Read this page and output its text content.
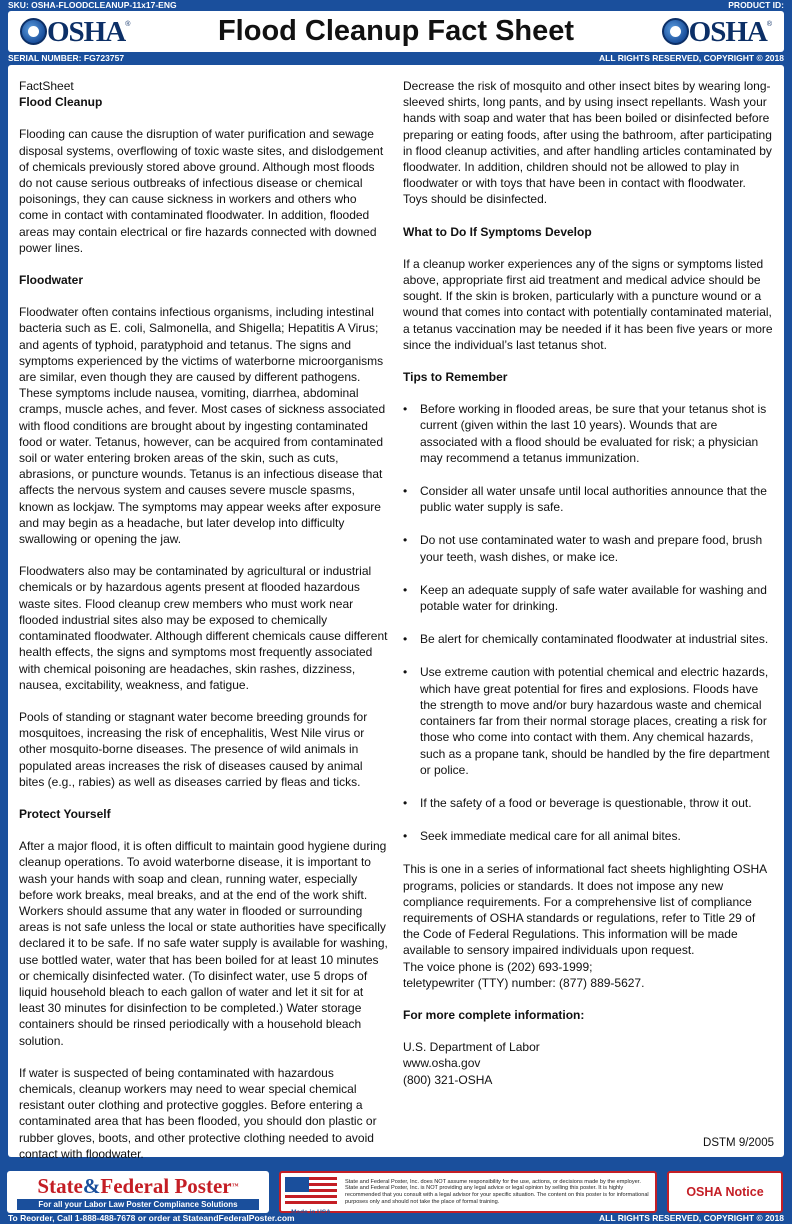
SKU: OSHA-FLOODCLEANUP-11x17-ENG	PRODUCT ID:
OSHA ®	Flood Cleanup Fact Sheet	OSHA ®
SERIAL NUMBER: FG723757	ALL RIGHTS RESERVED, COPYRIGHT © 2018
FactSheet
Flood Cleanup

Flooding can cause the disruption of water purification and sewage disposal systems, overflowing of toxic waste sites, and dislodgement of chemicals previously stored above ground. Although most floods do not cause serious outbreaks of infectious disease or chemical poisonings, they can cause sickness in workers and others who come in contact with contaminated floodwater. In addition, flooded areas may contain electrical or fire hazards connected with downed power lines.

Floodwater

Floodwater often contains infectious organisms, including intestinal bacteria such as E. coli, Salmonella, and Shigella; Hepatitis A Virus; and agents of typhoid, paratyphoid and tetanus. The signs and symptoms experienced by the victims of waterborne microorganisms are similar, even though they are caused by different pathogens. These symptoms include nausea, vomiting, diarrhea, abdominal cramps, muscle aches, and fever. Most cases of sickness associated with flood conditions are brought about by ingesting contaminated food or water. Tetanus, however, can be acquired from contaminated soil or water entering broken areas of the skin, such as cuts, abrasions, or puncture wounds. Tetanus is an infectious disease that affects the nervous system and causes severe muscle spasms, known as lockjaw. The symptoms may appear weeks after exposure and may begin as a headache, but later develop into difficulty swallowing or opening the jaw.

Floodwaters also may be contaminated by agricultural or industrial chemicals or by hazardous agents present at flooded hazardous waste sites. Flood cleanup crew members who must work near flooded industrial sites also may be exposed to chemically contaminated floodwater. Although different chemicals cause different health effects, the signs and symptoms most frequently associated with chemical poisoning are headaches, skin rashes, dizziness, nausea, excitability, weakness, and fatigue.

Pools of standing or stagnant water become breeding grounds for mosquitoes, increasing the risk of encephalitis, West Nile virus or other mosquito-borne diseases. The presence of wild animals in populated areas increases the risk of diseases caused by animal bites (e.g., rabies) as well as diseases carried by fleas and ticks.

Protect Yourself

After a major flood, it is often difficult to maintain good hygiene during cleanup operations. To avoid waterborne disease, it is important to wash your hands with soap and clean, running water, especially before work breaks, meal breaks, and at the end of the work shift. Workers should assume that any water in flooded or surrounding areas is not safe unless the local or state authorities have specifically declared it to be safe. If no safe water supply is available for washing, use bottled water, water that has been boiled for at least 10 minutes or chemically disinfected water. (To disinfect water, use 5 drops of liquid household bleach to each gallon of water and let it sit for at least 30 minutes for disinfection to be completed.) Water storage containers should be rinsed periodically with a household bleach solution.

If water is suspected of being contaminated with hazardous chemicals, cleanup workers may need to wear special chemical resistant outer clothing and protective goggles. Before entering a contaminated area that has been flooded, you should don plastic or rubber gloves, boots, and other protective clothing needed to avoid contact with floodwater.

Decrease the risk of mosquito and other insect bites by wearing long-sleeved shirts, long pants, and by using insect repellants. Wash your hands with soap and water that has been boiled or disinfected before preparing or eating foods, after using the bathroom, after participating in flood cleanup activities, and after handling articles contaminated by floodwater. In addition, children should not be allowed to play in floodwater or with toys that have been in contact with floodwater. Toys should be disinfected.

What to Do If Symptoms Develop

If a cleanup worker experiences any of the signs or symptoms listed above, appropriate first aid treatment and medical advice should be sought. If the skin is broken, particularly with a puncture wound or a wound that comes into contact with potentially contaminated material, a tetanus vaccination may be needed if it has been five years or more since the individual’s last tetanus shot.

Tips to Remember
• Before working in flooded areas, be sure that your tetanus shot is current (given within the last 10 years). Wounds that are associated with a flood should be evaluated for risk; a physician may recommend a tetanus immunization.
• Consider all water unsafe until local authorities announce that the public water supply is safe.
• Do not use contaminated water to wash and prepare food, brush your teeth, wash dishes, or make ice.
• Keep an adequate supply of safe water available for washing and potable water for drinking.
• Be alert for chemically contaminated floodwater at industrial sites.
• Use extreme caution with potential chemical and electric hazards, which have great potential for fires and explosions. Floods have the strength to move and/or bury hazardous waste and chemical containers far from their normal storage places, creating a risk for those who come into contact with them. Any chemical hazards, such as a propane tank, should be handled by the fire department or police.
• If the safety of a food or beverage is questionable, throw it out.
• Seek immediate medical care for all animal bites.
This is one in a series of informational fact sheets highlighting OSHA programs, policies or standards. It does not impose any new compliance requirements. For a comprehensive list of compliance requirements of OSHA standards or regulations, refer to Title 29 of the Code of Federal Regulations. This information will be made available to sensory impaired individuals upon request.
The voice phone is (202) 693-1999;
teletypewriter (TTY) number: (877) 889-5627.
For more complete information:
U.S. Department of Labor
www.osha.gov
(800) 321-OSHA
DSTM 9/2005
State&Federal Poster™
For all your Labor Law Poster Compliance Solutions
Made in USA
State and Federal Poster, Inc. does NOT assume responsibility for the use, actions, or decisions made by the employer. State and Federal Poster, Inc. is NOT providing any legal advice or legal opinion by selling this poster. It is highly recommended that you consult with a legal advisor for your specific situation. The content on this poster is for informational purposes only and should not take the place of formal training.
OSHA Notice
To Reorder, Call 1-888-488-7678 or order at StateandFederalPoster.com	ALL RIGHTS RESERVED, COPYRIGHT © 2018
